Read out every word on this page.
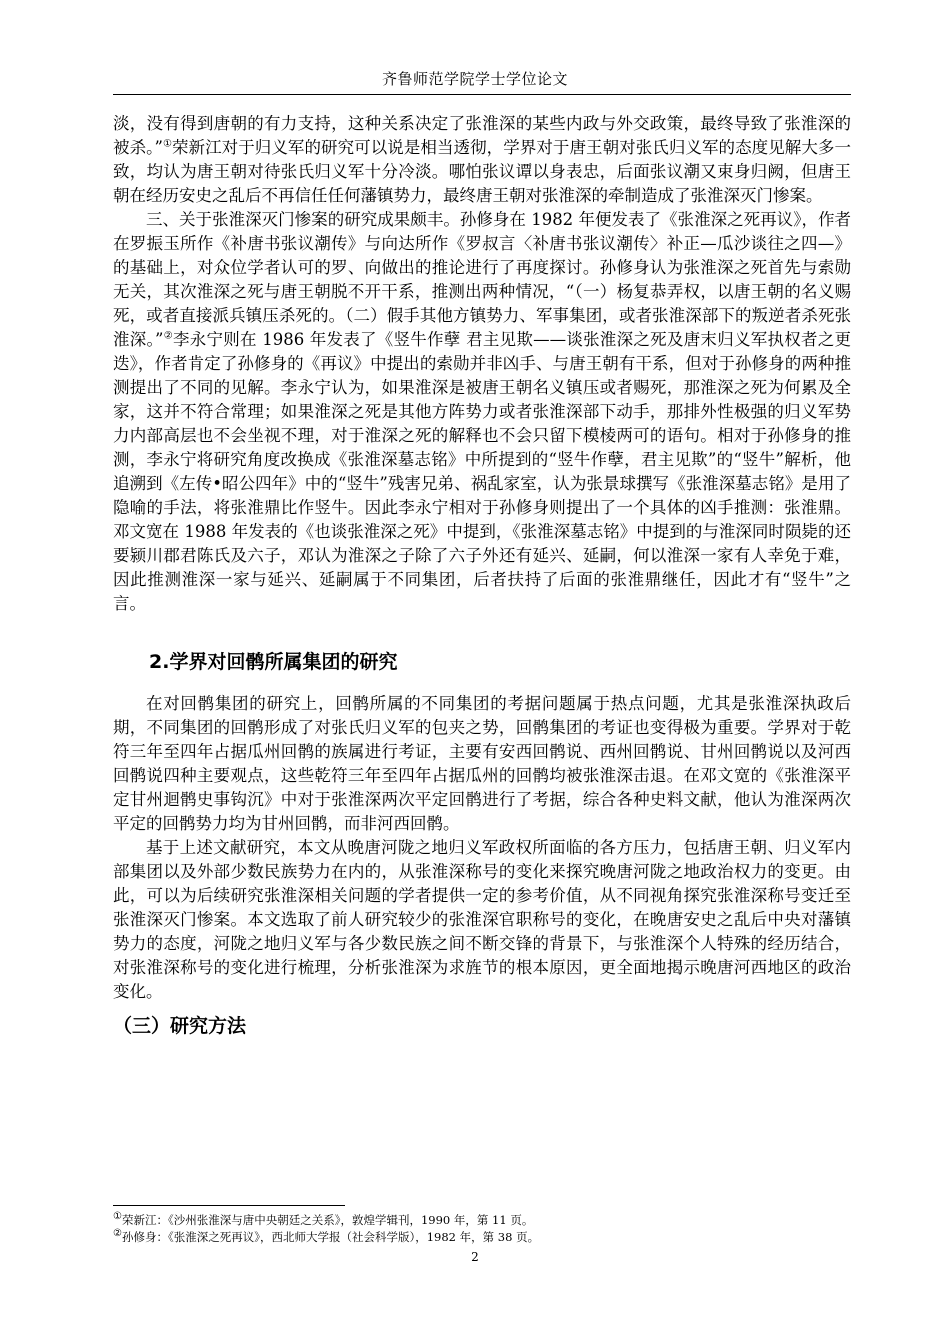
齐鲁师范学院学士学位论文

淡，没有得到唐朝的有力支持，这种关系决定了张淮深的某些内政与外交政策，最终导致了张淮深的被杀。”①荣新江对于归义军的研究可以说是相当透彻，学界对于唐王朝对张氏归义军的态度见解大多一致，均认为唐王朝对待张氏归义军十分冷淡。哪怕张议谭以身表忠，后面张议潮又束身归阙，但唐王朝在经历安史之乱后不再信任任何藩镇势力，最终唐王朝对张淮深的牵制造成了张淮深灭门惨案。

三、关于张淮深灭门惨案的研究成果颇丰。孙修身在 1982 年便发表了《张淮深之死再议》，作者在罗振玉所作《补唐书张议潮传》与向达所作《罗叔言〈补唐书张议潮传〉补正—瓜沙谈往之四—》的基础上，对众位学者认可的罗、向做出的推论进行了再度探讨。孙修身认为张淮深之死首先与索勋无关，其次淮深之死与唐王朝脱不开干系，推测出两种情况，“（一）杨复恭弄权，以唐王朝的名义赐死，或者直接派兵镇压杀死的。（二）假手其他方镇势力、军事集团，或者张淮深部下的叛逆者杀死张淮深。”②李永宁则在 1986 年发表了《竖牛作孽 君主见欺——谈张淮深之死及唐末归义军执权者之更迭》，作者肯定了孙修身的《再议》中提出的索勋并非凶手、与唐王朝有干系，但对于孙修身的两种推测提出了不同的见解。李永宁认为，如果淮深是被唐王朝名义镇压或者赐死，那淮深之死为何累及全家，这并不符合常理；如果淮深之死是其他方阵势力或者张淮深部下动手，那排外性极强的归义军势力内部高层也不会坐视不理，对于淮深之死的解释也不会只留下模棱两可的语句。相对于孙修身的推测，李永宁将研究角度改换成《张淮深墓志铭》中所提到的“竖牛作孽，君主见欺”的“竖牛”解析，他追溯到《左传•昭公四年》中的“竖牛”残害兄弟、祸乱家室，认为张景球撰写《张淮深墓志铭》是用了隐喻的手法，将张淮鼎比作竖牛。因此李永宁相对于孙修身则提出了一个具体的凶手推测：张淮鼎。邓文宽在 1988 年发表的《也谈张淮深之死》中提到，《张淮深墓志铭》中提到的与淮深同时陨毙的还要颍川郡君陈氏及六子，邓认为淮深之子除了六子外还有延兴、延嗣，何以淮深一家有人幸免于难，因此推测淮深一家与延兴、延嗣属于不同集团，后者扶持了后面的张淮鼎继任，因此才有“竖牛”之言。

2.学界对回鹘所属集团的研究

在对回鹘集团的研究上，回鹘所属的不同集团的考据问题属于热点问题，尤其是张淮深执政后期，不同集团的回鹘形成了对张氏归义军的包夹之势，回鹘集团的考证也变得极为重要。学界对于乾符三年至四年占据瓜州回鹘的族属进行考证，主要有安西回鹘说、西州回鹘说、甘州回鹘说以及河西回鹘说四种主要观点，这些乾符三年至四年占据瓜州的回鹘均被张淮深击退。在邓文宽的《张淮深平定甘州迴鹘史事钩沉》中对于张淮深两次平定回鹘进行了考据，综合各种史料文献，他认为淮深两次平定的回鹘势力均为甘州回鹘，而非河西回鹘。

基于上述文献研究，本文从晚唐河陇之地归义军政权所面临的各方压力，包括唐王朝、归义军内部集团以及外部少数民族势力在内的，从张淮深称号的变化来探究晚唐河陇之地政治权力的变更。由此，可以为后续研究张淮深相关问题的学者提供一定的参考价值，从不同视角探究张淮深称号变迁至张淮深灭门惨案。本文选取了前人研究较少的张淮深官职称号的变化，在晚唐安史之乱后中央对藩镇势力的态度，河陇之地归义军与各少数民族之间不断交锋的背景下，与张淮深个人特殊的经历结合，对张淮深称号的变化进行梳理，分析张淮深为求旌节的根本原因，更全面地揭示晚唐河西地区的政治变化。

（三）研究方法
①荣新江：《沙州张淮深与唐中央朝廷之关系》，敦煌学辑刊，1990 年，第 11 页。
②孙修身：《张淮深之死再议》，西北师大学报（社会科学版），1982 年，第 38 页。
2
